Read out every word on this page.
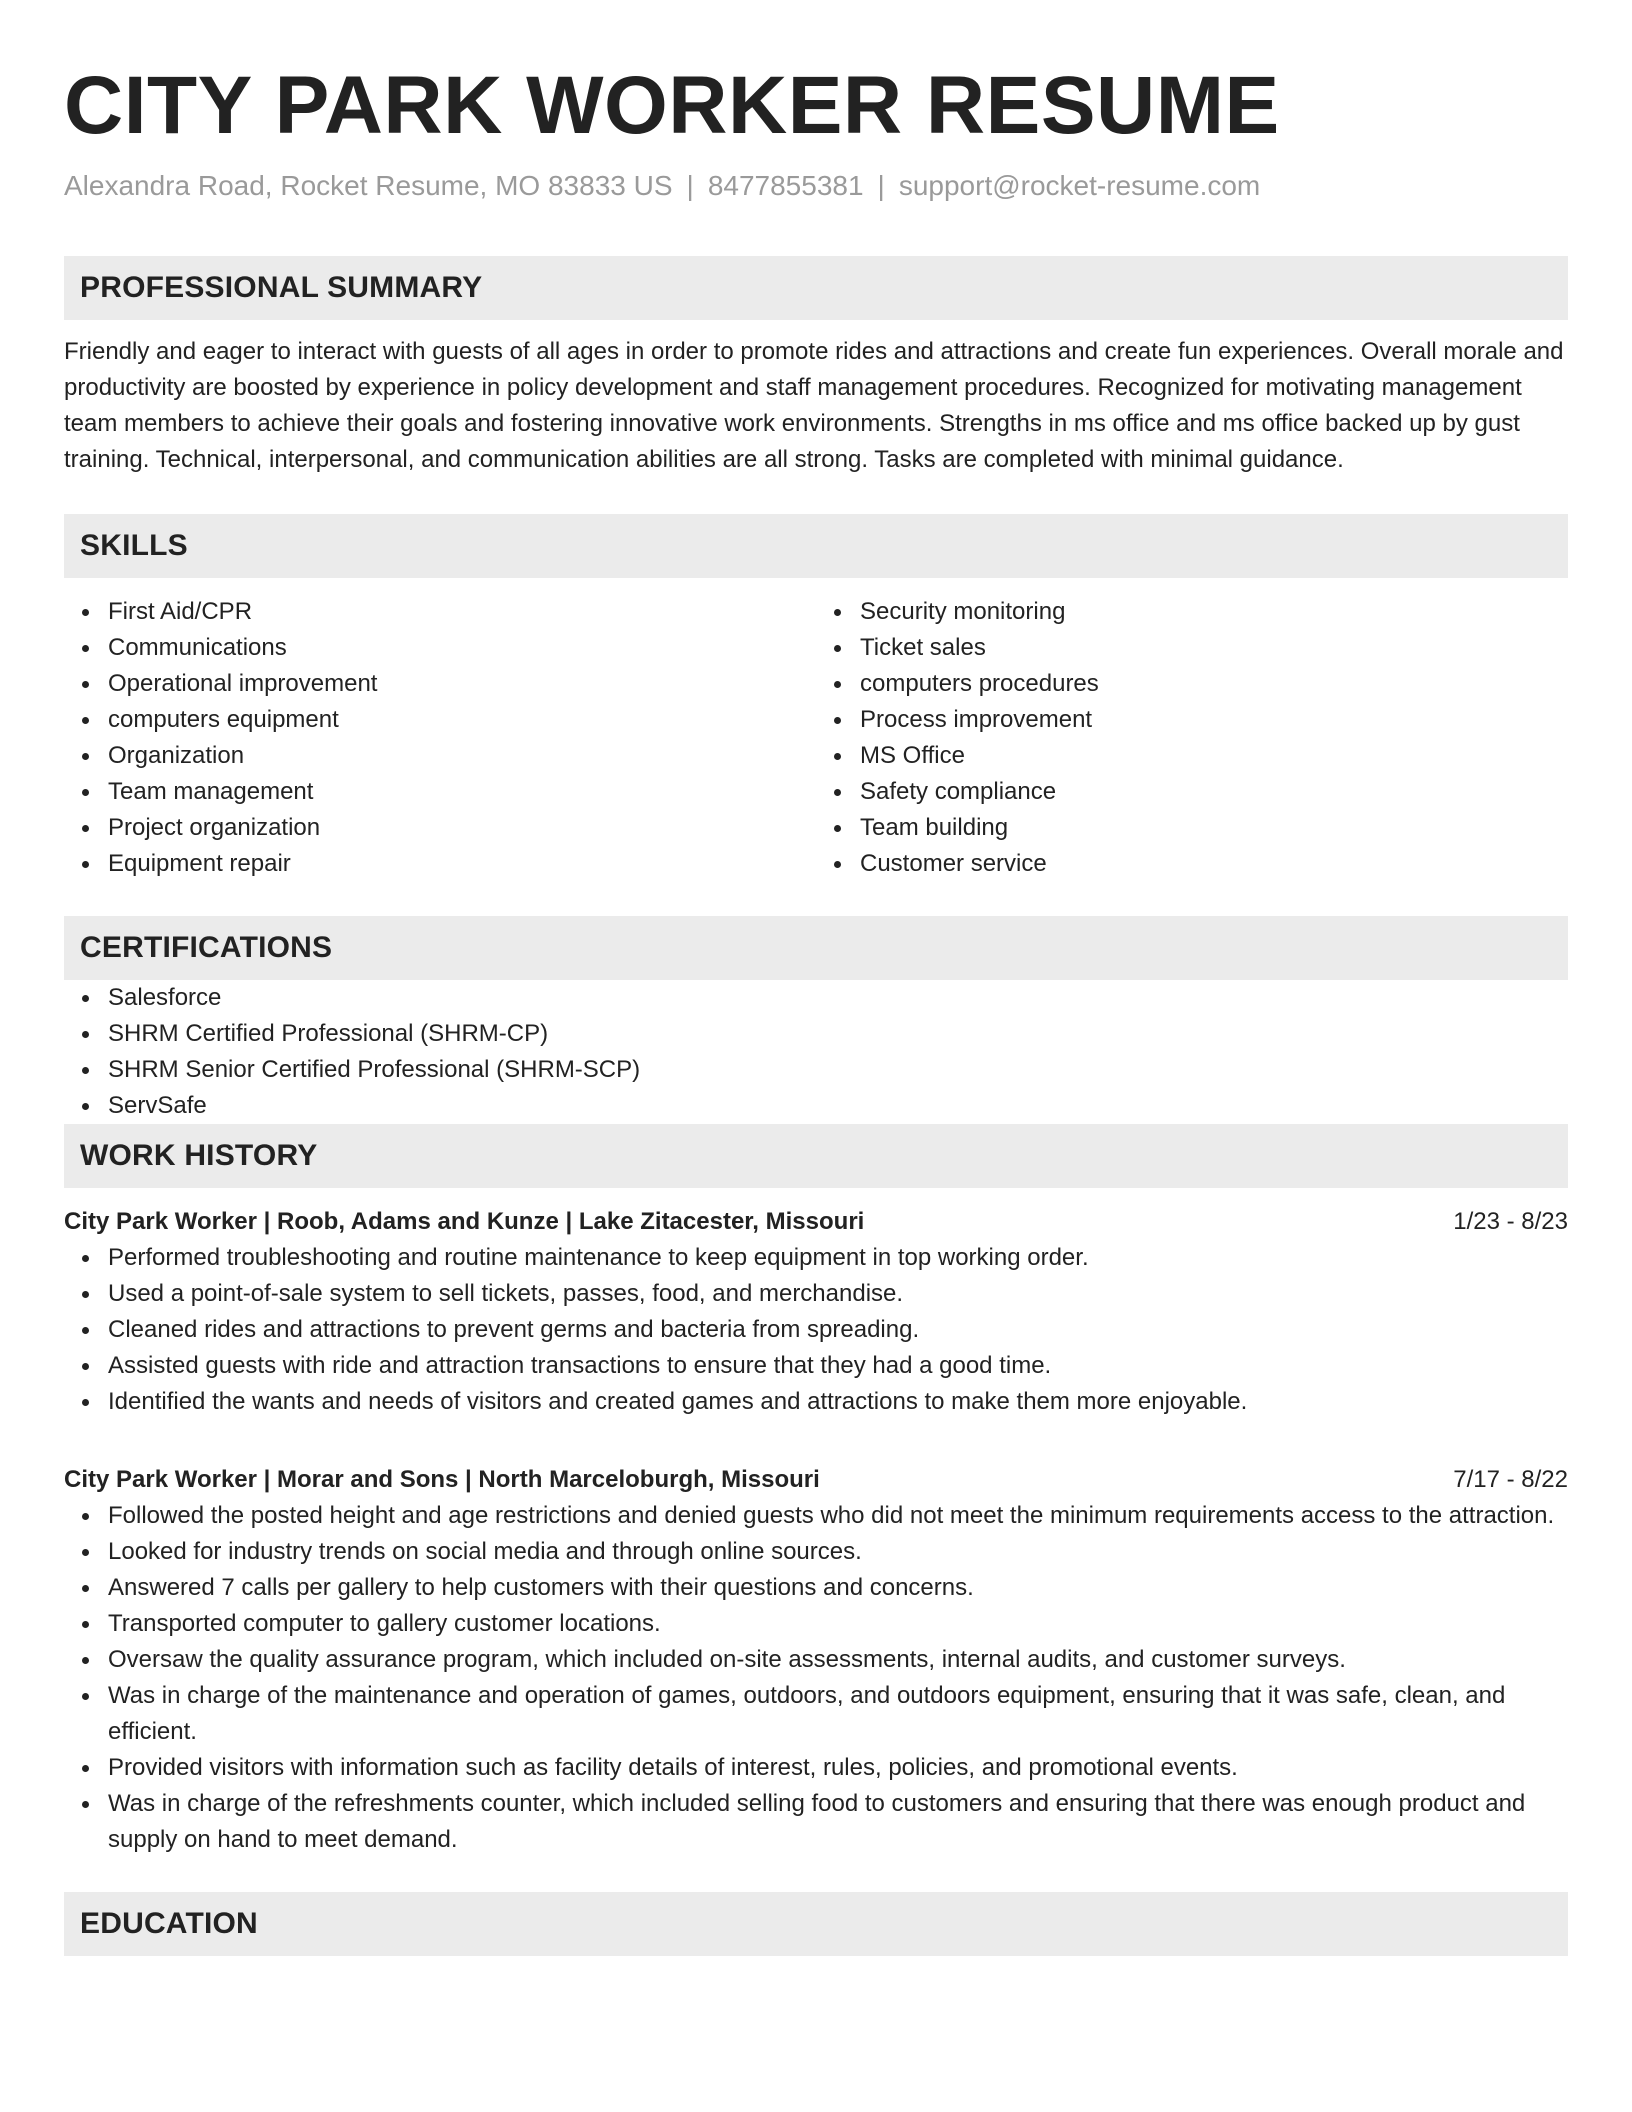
CITY PARK WORKER RESUME
Alexandra Road, Rocket Resume, MO 83833 US | 8477855381 | support@rocket-resume.com
PROFESSIONAL SUMMARY
Friendly and eager to interact with guests of all ages in order to promote rides and attractions and create fun experiences. Overall morale and productivity are boosted by experience in policy development and staff management procedures. Recognized for motivating management team members to achieve their goals and fostering innovative work environments. Strengths in ms office and ms office backed up by gust training. Technical, interpersonal, and communication abilities are all strong. Tasks are completed with minimal guidance.
SKILLS
First Aid/CPR
Communications
Operational improvement
computers equipment
Organization
Team management
Project organization
Equipment repair
Security monitoring
Ticket sales
computers procedures
Process improvement
MS Office
Safety compliance
Team building
Customer service
CERTIFICATIONS
Salesforce
SHRM Certified Professional (SHRM-CP)
SHRM Senior Certified Professional (SHRM-SCP)
ServSafe
WORK HISTORY
City Park Worker | Roob, Adams and Kunze | Lake Zitacester, Missouri	1/23 - 8/23
Performed troubleshooting and routine maintenance to keep equipment in top working order.
Used a point-of-sale system to sell tickets, passes, food, and merchandise.
Cleaned rides and attractions to prevent germs and bacteria from spreading.
Assisted guests with ride and attraction transactions to ensure that they had a good time.
Identified the wants and needs of visitors and created games and attractions to make them more enjoyable.
City Park Worker | Morar and Sons | North Marceloburgh, Missouri	7/17 - 8/22
Followed the posted height and age restrictions and denied guests who did not meet the minimum requirements access to the attraction.
Looked for industry trends on social media and through online sources.
Answered 7 calls per gallery to help customers with their questions and concerns.
Transported computer to gallery customer locations.
Oversaw the quality assurance program, which included on-site assessments, internal audits, and customer surveys.
Was in charge of the maintenance and operation of games, outdoors, and outdoors equipment, ensuring that it was safe, clean, and efficient.
Provided visitors with information such as facility details of interest, rules, policies, and promotional events.
Was in charge of the refreshments counter, which included selling food to customers and ensuring that there was enough product and supply on hand to meet demand.
EDUCATION
